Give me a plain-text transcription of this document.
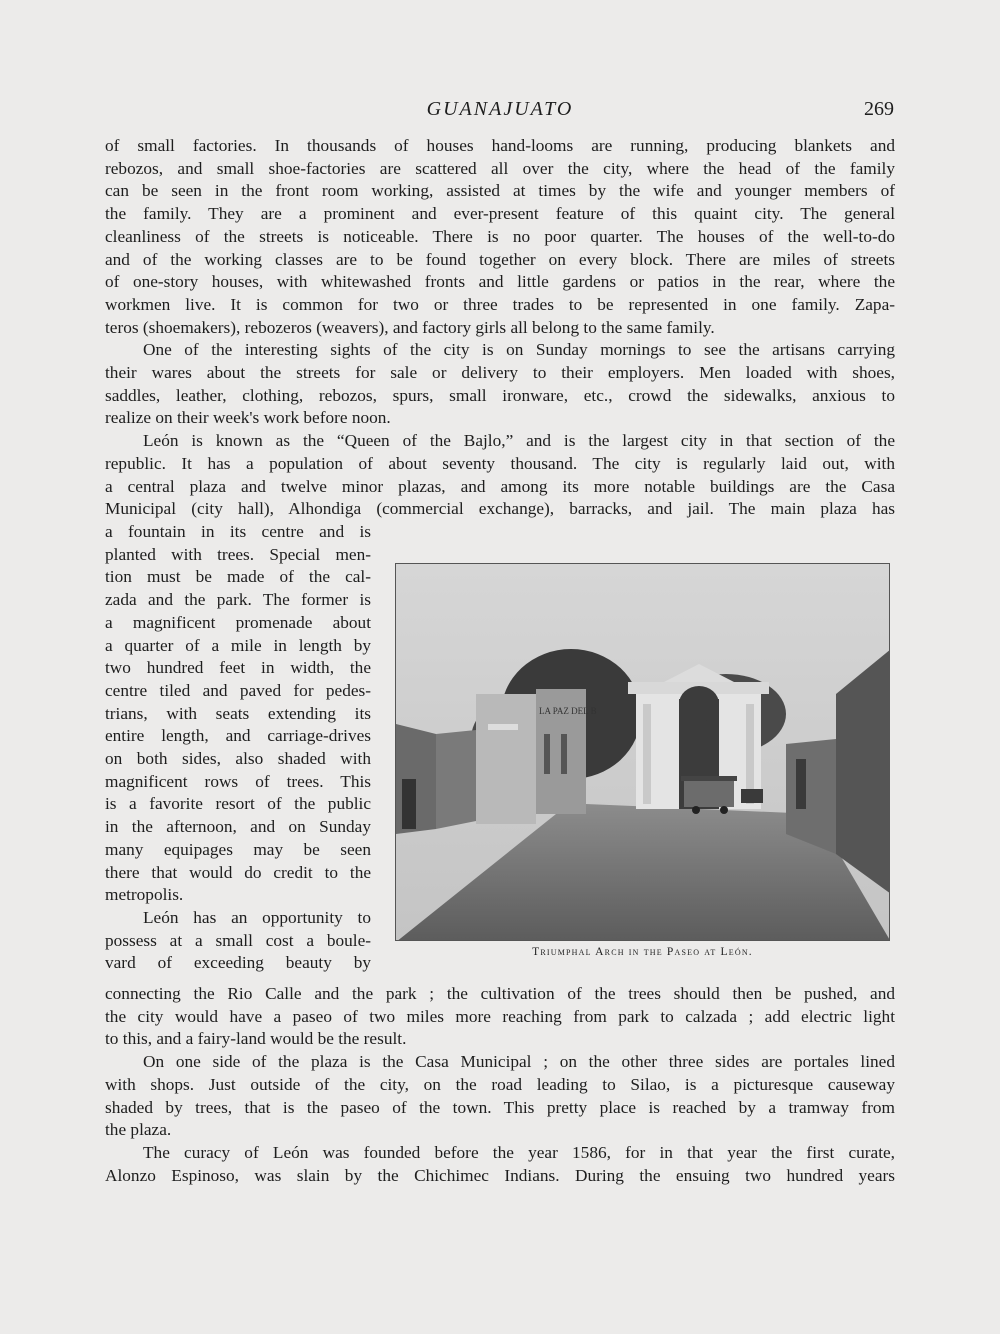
GUANAJUATO	269
of small factories. In thousands of houses hand-looms are running, producing blankets and
rebozos, and small shoe-factories are scattered all over the city, where the head of the family
can be seen in the front room working, assisted at times by the wife and younger members of
the family. They are a prominent and ever-present feature of this quaint city. The general
cleanliness of the streets is noticeable. There is no poor quarter. The houses of the well-to-do
and of the working classes are to be found together on every block. There are miles of streets
of one-story houses, with whitewashed fronts and little gardens or patios in the rear, where the
workmen live. It is common for two or three trades to be represented in one family. Zapa-
teros (shoemakers), rebozeros (weavers), and factory girls all belong to the same family.
One of the interesting sights of the city is on Sunday mornings to see the artisans carrying
their wares about the streets for sale or delivery to their employers. Men loaded with shoes,
saddles, leather, clothing, rebozos, spurs, small ironware, etc., crowd the sidewalks, anxious to
realize on their week's work before noon.
León is known as the “Queen of the Bajlo,” and is the largest city in that section of the
republic. It has a population of about seventy thousand. The city is regularly laid out, with
a central plaza and twelve minor plazas, and among its more notable buildings are the Casa
Municipal (city hall), Alhondiga (commercial exchange), barracks, and jail. The main plaza has
a fountain in its centre and is
planted with trees. Special men-
tion must be made of the cal-
zada and the park. The former is
a magnificent promenade about
a quarter of a mile in length by
two hundred feet in width, the
centre tiled and paved for pedes-
trians, with seats extending its
entire length, and carriage-drives
on both sides, also shaded with
magnificent rows of trees. This
is a favorite resort of the public
in the afternoon, and on Sunday
many equipages may be seen
there that would do credit to the
metropolis.
León has an opportunity to
possess at a small cost a boule-
vard of exceeding beauty by
LA PAZ DEL B
Triumphal Arch in the Paseo at León.
connecting the Rio Calle and the park ; the cultivation of the trees should then be pushed, and
the city would have a paseo of two miles more reaching from park to calzada ; add electric light
to this, and a fairy-land would be the result.
On one side of the plaza is the Casa Municipal ; on the other three sides are portales lined
with shops. Just outside of the city, on the road leading to Silao, is a picturesque causeway
shaded by trees, that is the paseo of the town. This pretty place is reached by a tramway from
the plaza.
The curacy of León was founded before the year 1586, for in that year the first curate,
Alonzo Espinoso, was slain by the Chichimec Indians. During the ensuing two hundred years
